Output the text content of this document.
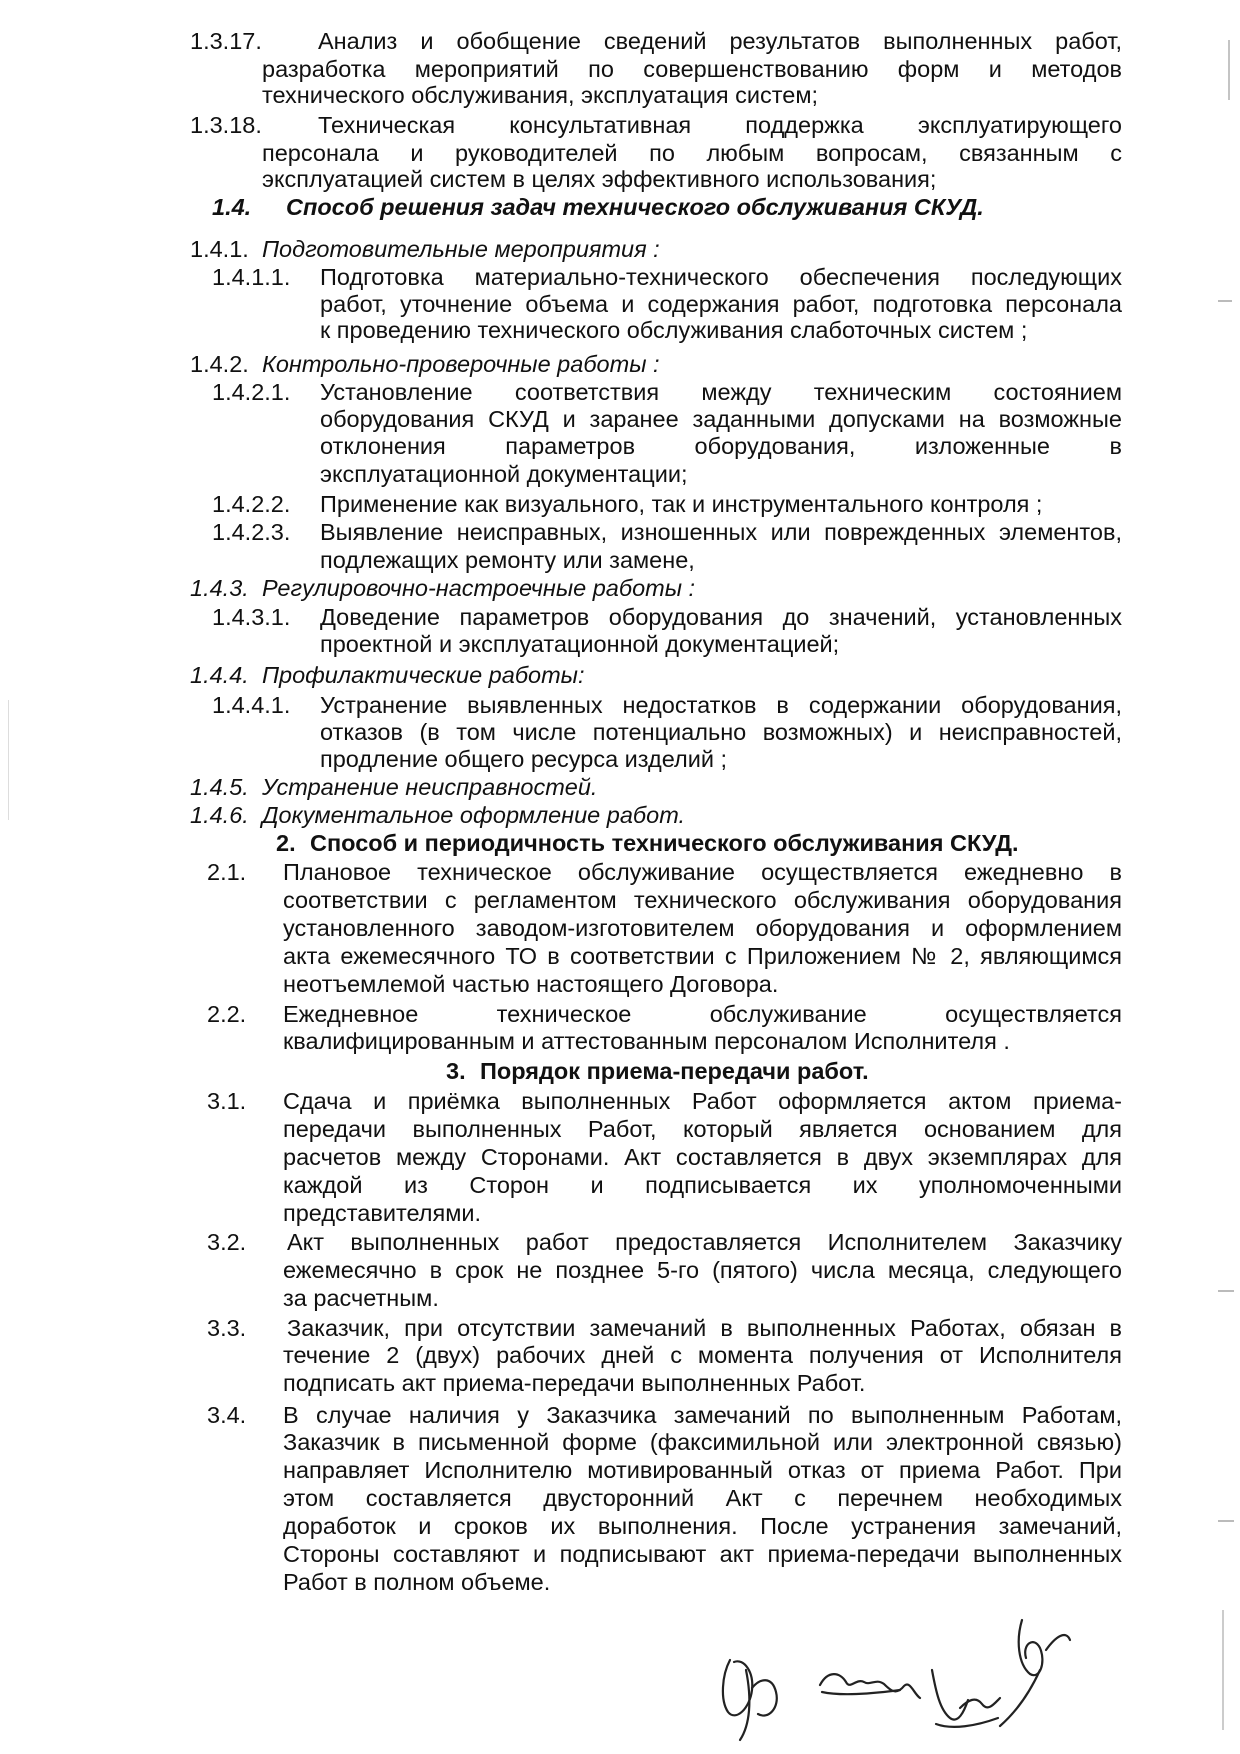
1.3.17. Анализ и обобщение сведений результатов выполненных работ,
разработка мероприятий по совершенствованию форм и методов
технического обслуживания, эксплуатация систем;
1.3.18. Техническая консультативная поддержка эксплуатирующего
персонала и руководителей по любым вопросам, связанным с
эксплуатацией систем в целях эффективного использования;
1.4. Способ решения задач технического обслуживания СКУД.
1.4.1. Подготовительные мероприятия :
1.4.1.1. Подготовка материально-технического обеспечения последующих
работ, уточнение объема и содержания работ, подготовка персонала
к проведению технического обслуживания слаботочных систем ;
1.4.2. Контрольно-проверочные работы :
1.4.2.1. Установление соответствия между техническим состоянием
оборудования СКУД и заранее заданными допусками на возможные
отклонения параметров оборудования, изложенные в
эксплуатационной документации;
1.4.2.2. Применение как визуального, так и инструментального контроля ;
1.4.2.3. Выявление неисправных, изношенных или поврежденных элементов,
подлежащих ремонту или замене,
1.4.3. Регулировочно-настроечные работы :
1.4.3.1. Доведение параметров оборудования до значений, установленных
проектной и эксплуатационной документацией;
1.4.4. Профилактические работы:
1.4.4.1. Устранение выявленных недостатков в содержании оборудования,
отказов (в том числе потенциально возможных) и неисправностей,
продление общего ресурса изделий ;
1.4.5. Устранение неисправностей.
1.4.6. Документальное оформление работ.
2. Способ и периодичность технического обслуживания СКУД.
2.1. Плановое техническое обслуживание осуществляется ежедневно в
соответствии с регламентом технического обслуживания оборудования
установленного заводом-изготовителем оборудования и оформлением
акта ежемесячного ТО в соответствии с Приложением № 2, являющимся
неотъемлемой частью настоящего Договора.
2.2. Ежедневное техническое обслуживание осуществляется
квалифицированным и аттестованным персоналом Исполнителя .
3. Порядок приема-передачи работ.
3.1. Сдача и приёмка выполненных Работ оформляется актом приема-
передачи выполненных Работ, который является основанием для
расчетов между Сторонами. Акт составляется в двух экземплярах для
каждой из Сторон и подписывается их уполномоченными
представителями.
3.2. Акт выполненных работ предоставляется Исполнителем Заказчику
ежемесячно в срок не позднее 5-го (пятого) числа месяца, следующего
за расчетным.
3.3. Заказчик, при отсутствии замечаний в выполненных Работах, обязан в
течение 2 (двух) рабочих дней с момента получения от Исполнителя
подписать акт приема-передачи выполненных Работ.
3.4. В случае наличия у Заказчика замечаний по выполненным Работам,
Заказчик в письменной форме (факсимильной или электронной связью)
направляет Исполнителю мотивированный отказ от приема Работ. При
этом составляется двусторонний Акт с перечнем необходимых
доработок и сроков их выполнения. После устранения замечаний,
Стороны составляют и подписывают акт приема-передачи выполненных
Работ в полном объеме.
